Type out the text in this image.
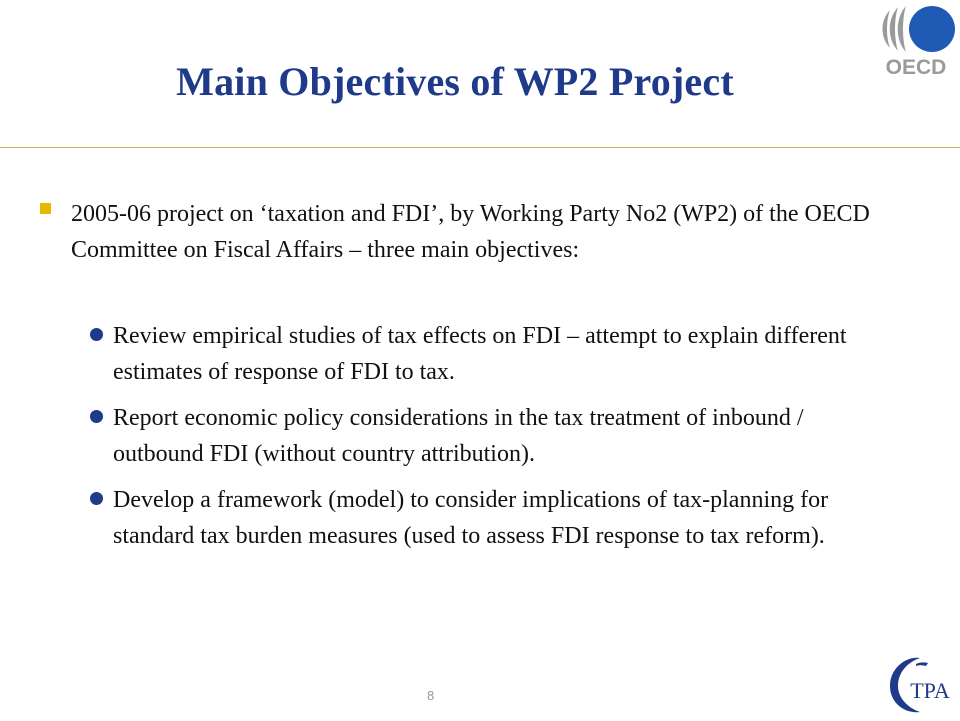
Main Objectives of WP2 Project	OECD
2005-06 project on ‘taxation and FDI’, by Working Party No2 (WP2) of the OECD Committee on Fiscal Affairs – three main objectives:
Review empirical studies of tax effects on FDI – attempt to explain different estimates of response of FDI to tax.
Report economic policy considerations in the tax treatment of inbound / outbound FDI (without country attribution).
Develop a framework (model) to consider implications of tax-planning for standard tax burden measures (used to assess FDI response to tax reform).
8	TPA
